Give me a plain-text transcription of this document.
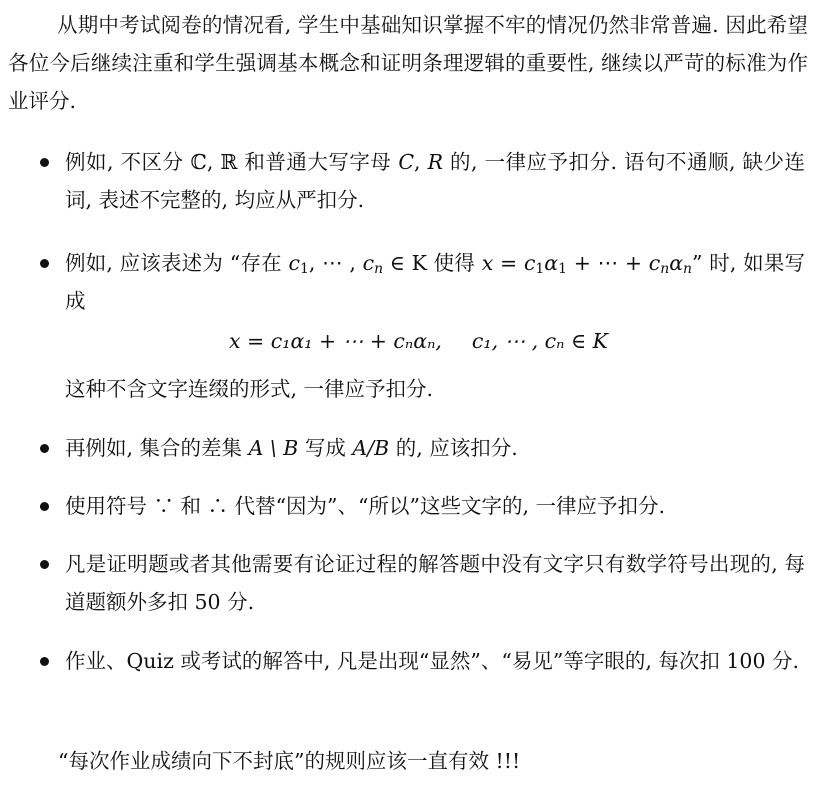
从期中考试阅卷的情况看, 学生中基础知识掌握不牢的情况仍然非常普遍. 因此希望各位今后继续注重和学生强调基本概念和证明条理逻辑的重要性, 继续以严苛的标准为作业评分.

例如, 不区分 ℂ, ℝ 和普通大写字母 C, R 的, 一律应予扣分. 语句不通顺, 缺少连词, 表述不完整的, 均应从严扣分.
例如, 应该表述为 “存在 $c_1$, ⋯ , $c_n$ ∈ K 使得 $x = c_1\alpha_1$ + ⋯ + $c_n\alpha_n$” 时, 如果写成
x = c₁α₁ + ⋯ + cₙαₙ, c₁, ⋯ , cₙ ∈ K
这种不含文字连缀的形式, 一律应予扣分.
再例如, 集合的差集 A \ B 写成 A/B 的, 应该扣分.
使用符号 ∵ 和 ∴ 代替“因为”、“所以”这些文字的, 一律应予扣分.
凡是证明题或者其他需要有论证过程的解答题中没有文字只有数学符号出现的, 每道题额外多扣 50 分.
作业、Quiz 或考试的解答中, 凡是出现“显然”、“易见”等字眼的, 每次扣 100 分.
“每次作业成绩向下不封底”的规则应该一直有效 !!!
